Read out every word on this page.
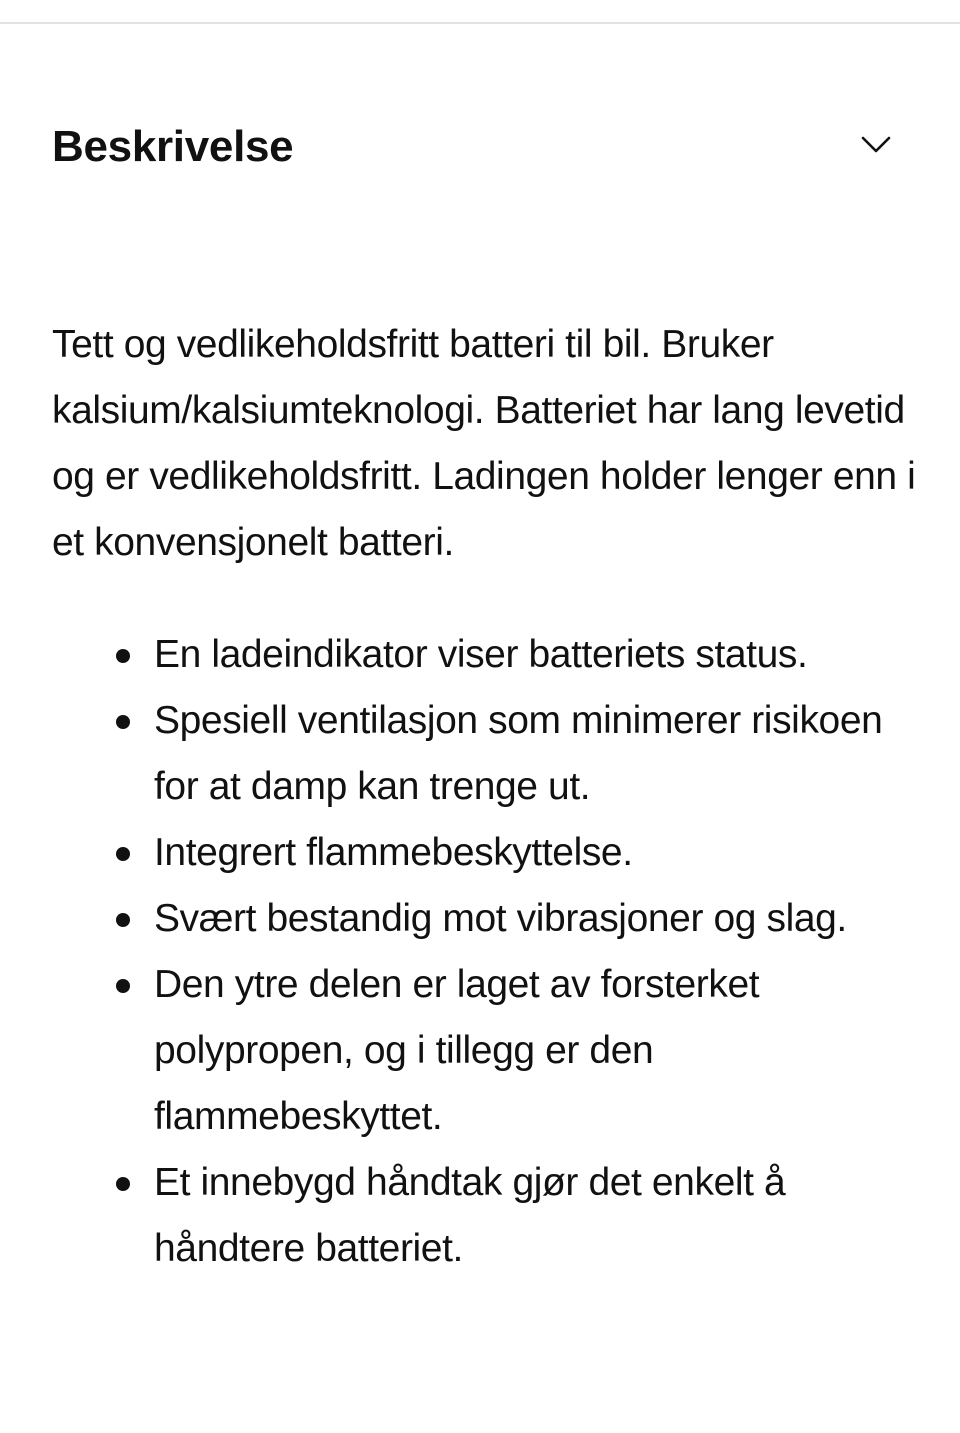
Beskrivelse

Tett og vedlikeholdsfritt batteri til bil. Bruker kalsium/kalsiumteknologi. Batteriet har lang levetid og er vedlikeholdsfritt. Ladingen holder lenger enn i et konvensjonelt batteri.

En ladeindikator viser batteriets status.
Spesiell ventilasjon som minimerer risikoen for at damp kan trenge ut.
Integrert flammebeskyttelse.
Svært bestandig mot vibrasjoner og slag.
Den ytre delen er laget av forsterket polypropen, og i tillegg er den flammebeskyttet.
Et innebygd håndtak gjør det enkelt å håndtere batteriet.
